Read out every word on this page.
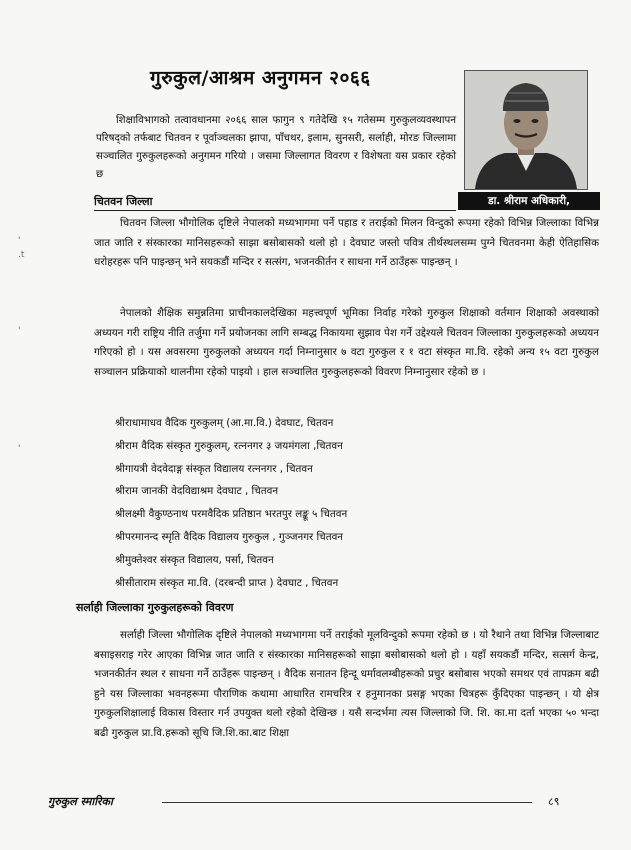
गुरुकुल/आश्रम अनुगमन २०६६
शिक्षाविभागको तत्वावधानमा २०६६ साल फागुन ९ गतेदेखि १५ गतेसम्म गुरुकुलव्यवस्थापन परिषद्को तर्फबाट चितवन र पूर्वाञ्चलका झापा, पाँचथर, इलाम, सुनसरी, सर्लाही, मोरङ जिल्लामा सञ्चालित गुरुकुलहरूको अनुगमन गरियो । जसमा जिल्लागत विवरण र विशेषता यस प्रकार रहेको छ
चितवन जिल्ला	डा. श्रीराम अधिकारी,
चितवन जिल्ला भौगोलिक दृष्टिले नेपालको मध्यभागमा पर्ने पहाड र तराईको मिलन विन्दुको रूपमा रहेको विभिन्न जिल्लाका विभिन्न जात जाति र संस्कारका मानिसहरूको साझा बसोबासको थलो हो । देवघाट जस्तो पवित्र तीर्थस्थलसम्म पुग्ने चितवनमा केही ऐतिहासिक धरोहरहरू पनि पाइन्छन् भने सयकडौं मन्दिर र सत्संग, भजनकीर्तन र साधना गर्ने ठाउँहरू पाइन्छन् ।
नेपालको शैक्षिक समुन्नतिमा प्राचीनकालदेखिका महत्त्वपूर्ण भूमिका निर्वाह गरेको गुरुकुल शिक्षाको वर्तमान शिक्षाको अवस्थाको अध्ययन गरी राष्ट्रिय नीति तर्जुमा गर्ने प्रयोजनका लागि सम्बद्ध निकायमा सुझाव पेश गर्ने उद्देश्यले चितवन जिल्लाका गुरुकुलहरूको अध्ययन गरिएको हो । यस अवसरमा गुरुकुलको अध्ययन गर्दा निम्नानुसार ७ वटा गुरुकुल र १ वटा संस्कृत मा.वि. रहेको अन्य १५ वटा गुरुकुल सञ्चालन प्रक्रियाको थालनीमा रहेको पाइयो । हाल सञ्चालित गुरुकुलहरूको विवरण निम्नानुसार रहेको छ ।
श्रीराधामाधव वैदिक गुरुकुलम् (आ.मा.वि.) देवघाट, चितवन
श्रीराम वैदिक संस्कृत गुरुकुलम्, रत्ननगर ३ जयमंगला ,चितवन
श्रीगायत्री वेदवेदाङ्ग संस्कृत विद्यालय रत्ननगर , चितवन
श्रीराम जानकी वेदविद्याश्रम देवघाट , चितवन
श्रीलक्ष्मी वैकुण्ठनाथ परमवैदिक प्रतिष्ठान भरतपुर लङ्कू ५ चितवन
श्रीपरमानन्द स्मृति वैदिक विद्यालय गुरुकुल , गुञ्जनगर चितवन
श्रीमुक्तेश्वर संस्कृत विद्यालय, पर्सा, चितवन
श्रीसीताराम संस्कृत मा.वि. (दरबन्दी प्राप्त ) देवघाट , चितवन
सर्लाही जिल्लाका गुरुकुलहरूको विवरण
सर्लाही जिल्ला भौगोलिक दृष्टिले नेपालको मध्यभागमा पर्ने तराईको मूलविन्दुको रूपमा रहेको छ । यो रैथाने तथा विभिन्न जिल्लाबाट बसाइसराइ गरेर आएका विभिन्न जात जाति र संस्कारका मानिसहरूको साझा बसोबासको थलो हो । यहाँ सयकडौं मन्दिर, सत्सर्ग केन्द्र, भजनकीर्तन स्थल र साधना गर्ने ठाउँहरू पाइन्छन् । वैदिक सनातन हिन्दू धर्मावलम्बीहरूको प्रचुर बसोबास भएको समथर एवं तापक्रम बढी हुने यस जिल्लाका भवनहरूमा पौराणिक कथामा आधारित रामचरित्र र हनुमानका प्रसङ्ग भएका चित्रहरू कुँदिएका पाइन्छन् । यो क्षेत्र गुरुकुलशिक्षालाई विकास विस्तार गर्न उपयुक्त थलो रहेको देखिन्छ । यसै सन्दर्भमा त्यस जिल्लाको जि. शि. का.मा दर्ता भएका ५० भन्दा बढी गुरुकुल प्रा.वि.हरूको सूचि जि.शि.का.बाट शिक्षा
'
.t
'
'
गुरुकुल स्मारिका	८९
